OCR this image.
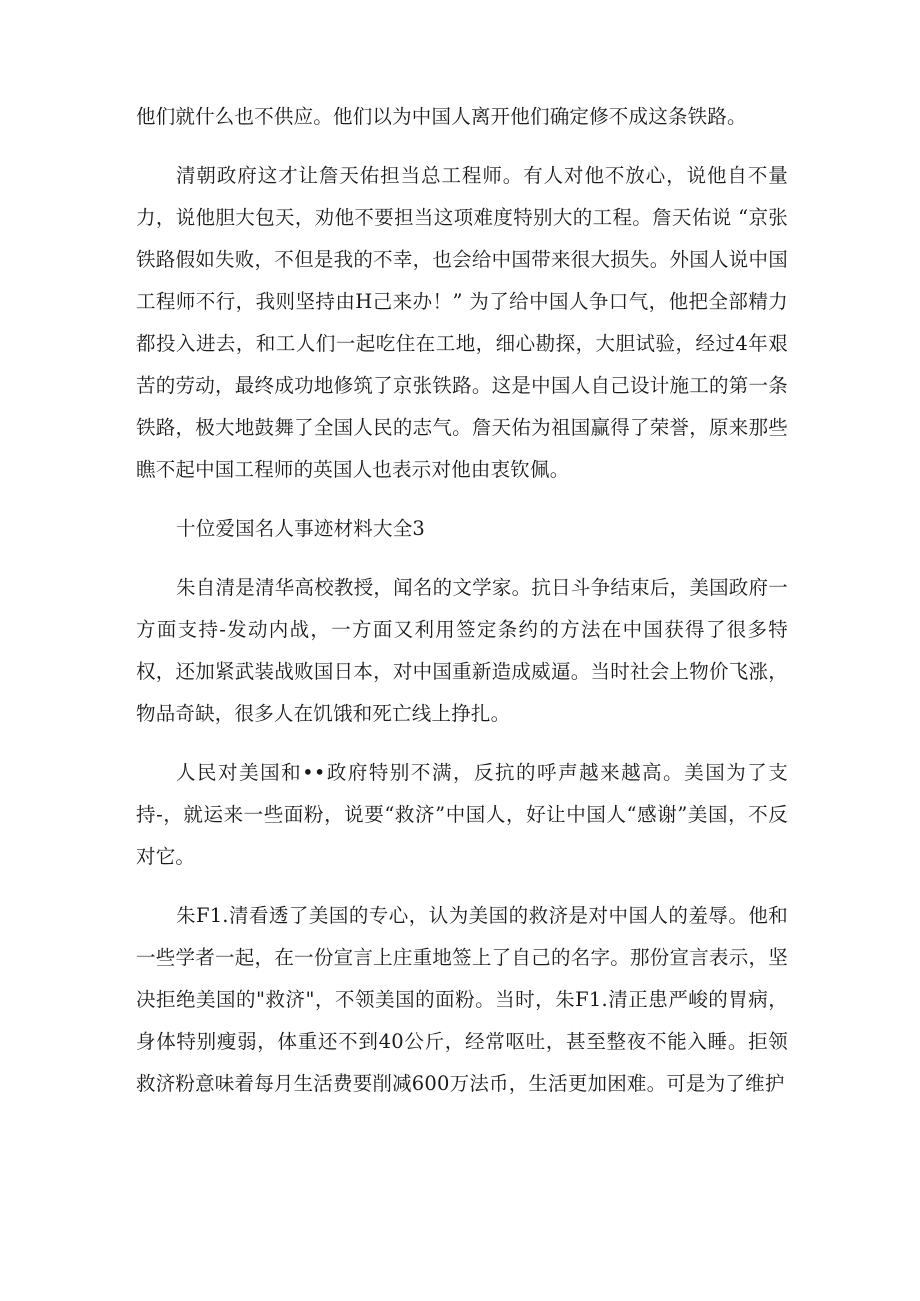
他们就什么也不供应。他们以为中国人离开他们确定修不成这条铁路。

清朝政府这才让詹天佑担当总工程师。有人对他不放心，说他自不量力，说他胆大包天，劝他不要担当这项难度特别大的工程。詹天佑说 “京张铁路假如失败，不但是我的不幸，也会给中国带来很大损失。外国人说中国工程师不行，我则坚持由H己来办！” 为了给中国人争口气，他把全部精力都投入进去，和工人们一起吃住在工地，细心勘探，大胆试验，经过4年艰苦的劳动，最终成功地修筑了京张铁路。这是中国人自己设计施工的第一条铁路，极大地鼓舞了全国人民的志气。詹天佑为祖国赢得了荣誉，原来那些瞧不起中国工程师的英国人也表示对他由衷钦佩。

十位爱国名人事迹材料大全3

朱自清是清华高校教授，闻名的文学家。抗日斗争结束后，美国政府一方面支持-发动内战，一方面又利用签定条约的方法在中国获得了很多特权，还加紧武装战败国日本，对中国重新造成威逼。当时社会上物价飞涨，物品奇缺，很多人在饥饿和死亡线上挣扎。

人民对美国和••政府特别不满，反抗的呼声越来越高。美国为了支持-，就运来一些面粉，说要“救济”中国人，好让中国人“感谢”美国，不反对它。

朱F1.清看透了美国的专心，认为美国的救济是对中国人的羞辱。他和一些学者一起，在一份宣言上庄重地签上了自己的名字。那份宣言表示，坚决拒绝美国的"救济"，不领美国的面粉。当时，朱F1.清正患严峻的胃病，身体特别瘦弱，体重还不到40公斤，经常呕吐，甚至整夜不能入睡。拒领救济粉意味着每月生活费要削减600万法币，生活更加困难。可是为了维护
